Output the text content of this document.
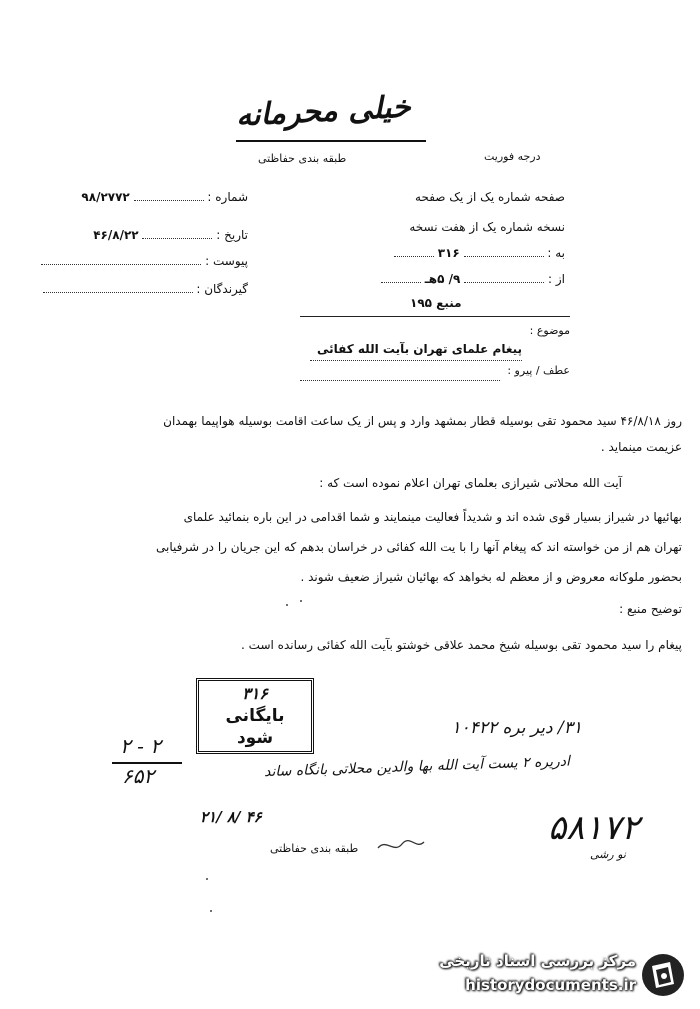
خیلی محرمانه
طبقه بندی حفاظتی	درجه فوریت
شماره :  ۹۸/۲۷۷۲
تاریخ :  ۴۶/۸/۲۲
پیوست :
گیرندگان :
صفحه شماره یک از یک صفحه
نسخه شماره یک از هفت نسخه
به :  ۳۱۶
از :  ۹/ ۵هـ
منبع ۱۹۵
موضوع :
پیغام علمای تهران بآیت الله کفائی
عطف / پیرو :
روز ۴۶/۸/۱۸ سید محمود تقی بوسیله قطار بمشهد وارد و پس از یک ساعت اقامت بوسیله هواپیما بهمدان
عزیمت مینماید .
آیت الله محلاتی شیرازی بعلمای تهران اعلام نموده است که :
بهائیها در شیراز بسیار قوی شده اند و شدیداً فعالیت مینمایند و شما اقدامی در این باره بنمائید علمای
تهران هم از من خواسته اند که پیغام آنها را با یت الله کفائی در خراسان بدهم که این جریان را در شرفیابی
بحضور ملوکانه معروض و از معظم له بخواهد که بهائیان شیراز ضعیف شوند .
توضیح منبع :
پیغام را سید محمود تقی بوسیله شیخ محمد علاقی خوشتو بآیت الله کفائی رسانده است .
۳۱۶
بایگانی شود
۲ - ۲
۶۵۲
۳۱/ دیر بره ۱۰۴۲۲
ادریره ۲ یست آیت الله بها والدین محلاتی بانگاه ساند
۲۱/ ۸/ ۴۶	۵۸۱۷۲
نو رشی
طبقه بندی حفاظتی
مرکز بررسی اسناد تاریخی
historydocuments.ir
